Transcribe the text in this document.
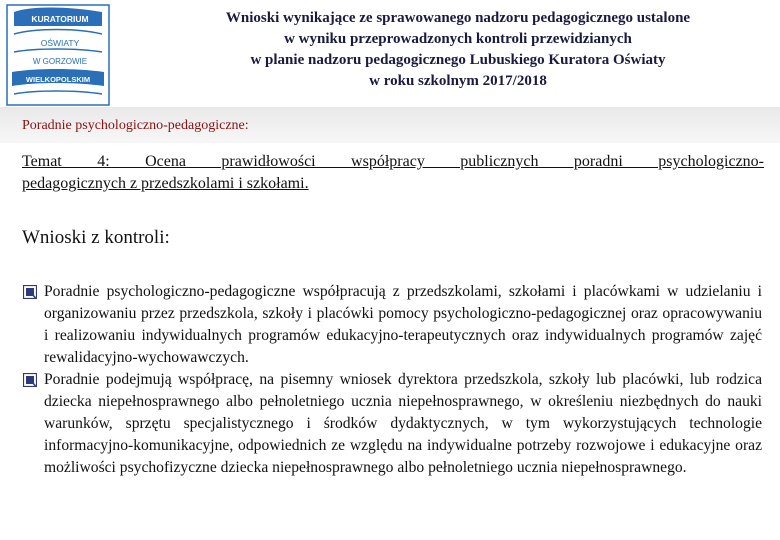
KURATORIUM
OŚWIATY
W GORZOWIE
WIELKOPOLSKIM
Wnioski wynikające ze sprawowanego nadzoru pedagogicznego ustalone
w wyniku przeprowadzonych kontroli przewidzianych
w planie nadzoru pedagogicznego Lubuskiego Kuratora Oświaty
w roku szkolnym 2017/2018
Poradnie psychologiczno-pedagogiczne:
Temat 4: Ocena prawidłowości współpracy publicznych poradni psychologiczno-
pedagogicznych z przedszkolami i szkołami.
Wnioski z kontroli:
Poradnie psychologiczno-pedagogiczne współpracują z przedszkolami, szkołami i placówkami w udzielaniu i organizowaniu przez przedszkola, szkoły i placówki pomocy psychologiczno-pedagogicznej oraz opracowywaniu i realizowaniu indywidualnych programów edukacyjno-terapeutycznych oraz indywidualnych programów zajęć rewalidacyjno-wychowawczych.
Poradnie podejmują współpracę, na pisemny wniosek dyrektora przedszkola, szkoły lub placówki, lub rodzica dziecka niepełnosprawnego albo pełnoletniego ucznia niepełnosprawnego, w określeniu niezbędnych do nauki warunków, sprzętu specjalistycznego i środków dydaktycznych, w tym wykorzystujących technologie informacyjno-komunikacyjne, odpowiednich ze względu na indywidualne potrzeby rozwojowe i edukacyjne oraz możliwości psychofizyczne dziecka niepełnosprawnego albo pełnoletniego ucznia niepełnosprawnego.
